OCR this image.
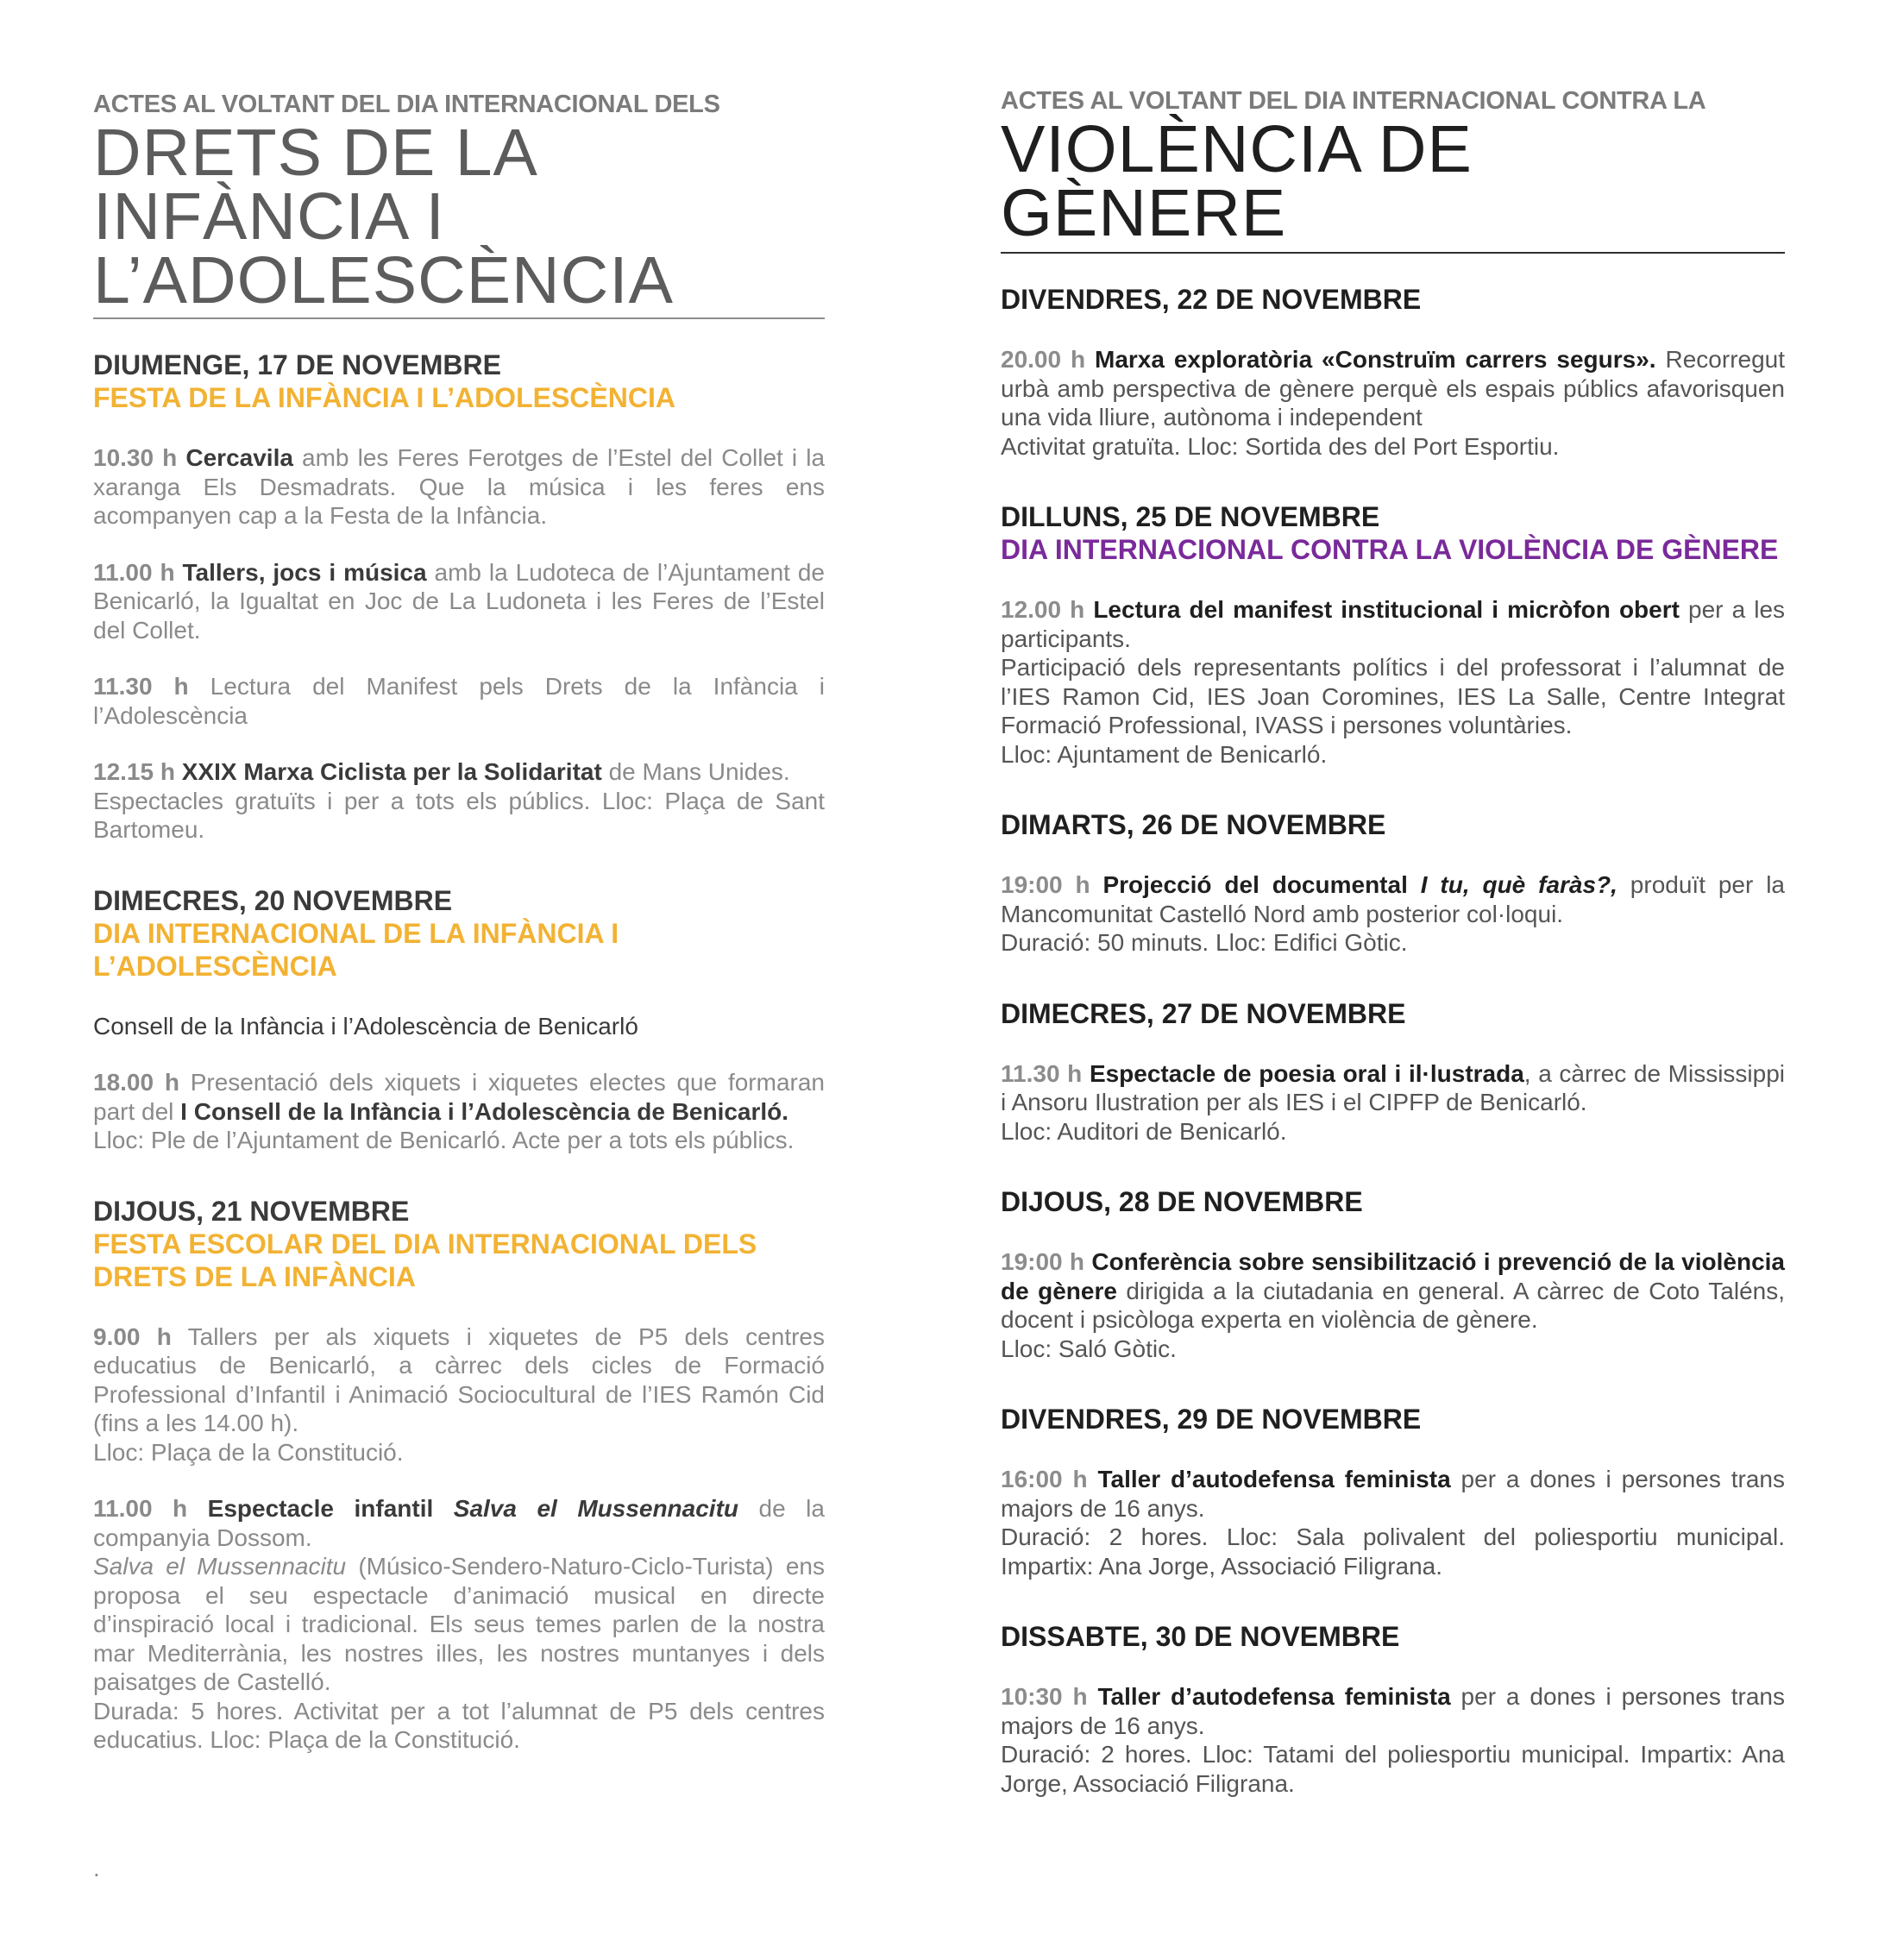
ACTES AL VOLTANT DEL DIA INTERNACIONAL DELS
DRETS DE LA
INFÀNCIA I
L’ADOLESCÈNCIA
DIUMENGE, 17 DE NOVEMBRE
FESTA DE LA INFÀNCIA I L’ADOLESCÈNCIA

10.30 h Cercavila amb les Feres Ferotges de l’Estel del Collet i la xaranga Els Desmadrats. Que la música i les feres ens acompanyen cap a la Festa de la Infància.

11.00 h Tallers, jocs i música amb la Ludoteca de l’Ajuntament de Benicarló, la Igualtat en Joc de La Ludoneta i les Feres de l’Estel del Collet.

11.30 h Lectura del Manifest pels Drets de la Infància i l’Adolescència

12.15 h XXIX Marxa Ciclista per la Solidaritat de Mans Unides.

Espectacles gratuïts i per a tots els públics. Lloc: Plaça de Sant Bartomeu.

DIMECRES, 20 NOVEMBRE
DIA INTERNACIONAL DE LA INFÀNCIA I L’ADOLESCÈNCIA

Consell de la Infància i l’Adolescència de Benicarló

18.00 h Presentació dels xiquets i xiquetes electes que formaran part del I Consell de la Infància i l’Adolescència de Benicarló.

Lloc: Ple de l’Ajuntament de Benicarló. Acte per a tots els públics.

DIJOUS, 21 NOVEMBRE
FESTA ESCOLAR DEL DIA INTERNACIONAL DELS DRETS DE LA INFÀNCIA

9.00 h Tallers per als xiquets i xiquetes de P5 dels centres educatius de Benicarló, a càrrec dels cicles de Formació Professional d’Infantil i Animació Sociocultural de l’IES Ramón Cid (fins a les 14.00 h).

Lloc: Plaça de la Constitució.

11.00 h Espectacle infantil Salva el Mussennacitu de la companyia Dossom.

Salva el Mussennacitu (Músico-Sendero-Naturo-Ciclo-Turista) ens proposa el seu espectacle d’animació musical en directe d’inspiració local i tradicional. Els seus temes parlen de la nostra mar Mediterrània, les nostres illes, les nostres muntanyes i dels paisatges de Castelló.

Durada: 5 hores. Activitat per a tot l’alumnat de P5 dels centres educatius. Lloc: Plaça de la Constitució.

.
ACTES AL VOLTANT DEL DIA INTERNACIONAL CONTRA LA
VIOLÈNCIA DE
GÈNERE
DIVENDRES, 22 DE NOVEMBRE

20.00 h Marxa exploratòria «Construïm carrers segurs». Recorregut urbà amb perspectiva de gènere perquè els espais públics afavorisquen una vida lliure, autònoma i independent

Activitat gratuïta. Lloc: Sortida des del Port Esportiu.

DILLUNS, 25 DE NOVEMBRE
DIA INTERNACIONAL CONTRA LA VIOLÈNCIA DE GÈNERE

12.00 h Lectura del manifest institucional i micròfon obert per a les participants.

Participació dels representants polítics i del professorat i l’alumnat de l’IES Ramon Cid, IES Joan Coromines, IES La Salle, Centre Integrat Formació Professional, IVASS i persones voluntàries.

Lloc: Ajuntament de Benicarló.

DIMARTS, 26 DE NOVEMBRE

19:00 h Projecció del documental I tu, què faràs?, produït per la Mancomunitat Castelló Nord amb posterior col·loqui.

Duració: 50 minuts. Lloc: Edifici Gòtic.

DIMECRES, 27 DE NOVEMBRE

11.30 h Espectacle de poesia oral i il·lustrada, a càrrec de Mississippi i Ansoru Ilustration per als IES i el CIPFP de Benicarló.

Lloc: Auditori de Benicarló.

DIJOUS, 28 DE NOVEMBRE

19:00 h Conferència sobre sensibilització i prevenció de la violència de gènere dirigida a la ciutadania en general. A càrrec de Coto Taléns, docent i psicòloga experta en violència de gènere.

Lloc: Saló Gòtic.

DIVENDRES, 29 DE NOVEMBRE

16:00 h Taller d’autodefensa feminista per a dones i persones trans majors de 16 anys.

Duració: 2 hores. Lloc: Sala polivalent del poliesportiu municipal. Impartix: Ana Jorge, Associació Filigrana.

DISSABTE, 30 DE NOVEMBRE

10:30 h Taller d’autodefensa feminista per a dones i persones trans majors de 16 anys.

Duració: 2 hores. Lloc: Tatami del poliesportiu municipal. Impartix: Ana Jorge, Associació Filigrana.
